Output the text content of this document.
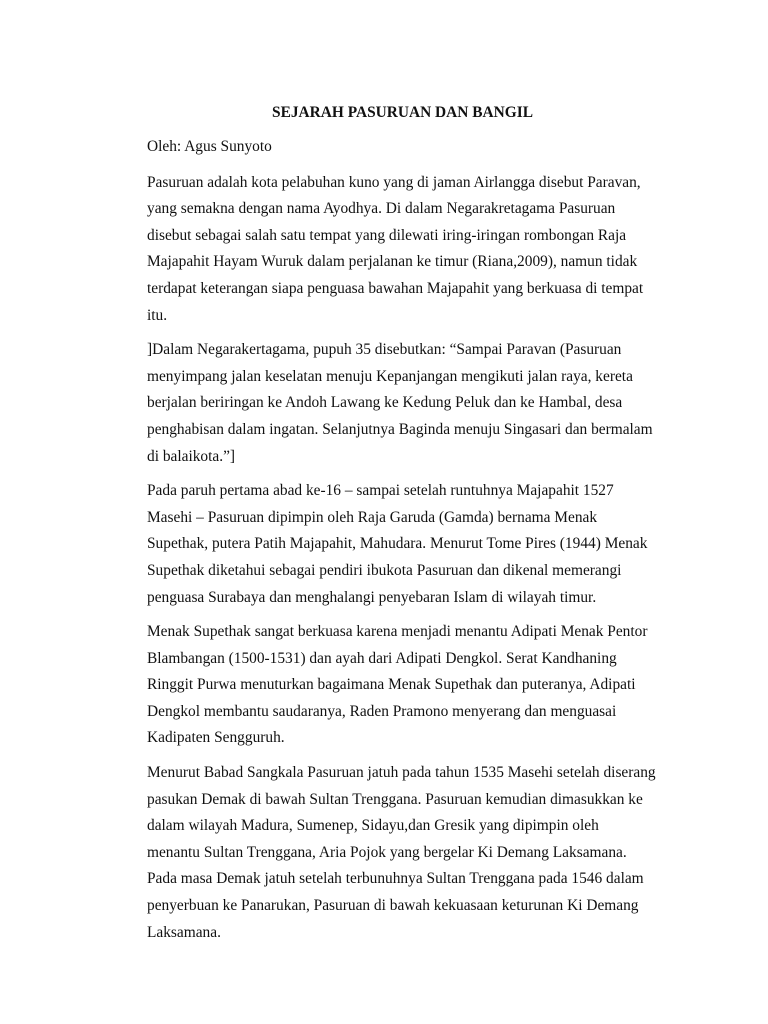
SEJARAH PASURUAN DAN BANGIL
Oleh: Agus Sunyoto
Pasuruan adalah kota pelabuhan kuno yang di jaman Airlangga disebut Paravan,
yang semakna dengan nama Ayodhya. Di dalam Negarakretagama Pasuruan
disebut sebagai salah satu tempat yang dilewati iring-iringan rombongan Raja
Majapahit Hayam Wuruk dalam perjalanan ke timur (Riana,2009), namun tidak
terdapat keterangan siapa penguasa bawahan Majapahit yang berkuasa di tempat
itu.
]Dalam Negarakertagama, pupuh 35 disebutkan: “Sampai Paravan (Pasuruan
menyimpang jalan keselatan menuju Kepanjangan mengikuti jalan raya, kereta
berjalan beriringan ke Andoh Lawang ke Kedung Peluk dan ke Hambal, desa
penghabisan dalam ingatan. Selanjutnya Baginda menuju Singasari dan bermalam
di balaikota.”]
Pada paruh pertama abad ke-16 – sampai setelah runtuhnya Majapahit 1527
Masehi – Pasuruan dipimpin oleh Raja Garuda (Gamda) bernama Menak
Supethak, putera Patih Majapahit, Mahudara. Menurut Tome Pires (1944) Menak
Supethak diketahui sebagai pendiri ibukota Pasuruan dan dikenal memerangi
penguasa Surabaya dan menghalangi penyebaran Islam di wilayah timur.
Menak Supethak sangat berkuasa karena menjadi menantu Adipati Menak Pentor
Blambangan (1500-1531) dan ayah dari Adipati Dengkol. Serat Kandhaning
Ringgit Purwa menuturkan bagaimana Menak Supethak dan puteranya, Adipati
Dengkol membantu saudaranya, Raden Pramono menyerang dan menguasai
Kadipaten Sengguruh.
Menurut Babad Sangkala Pasuruan jatuh pada tahun 1535 Masehi setelah diserang
pasukan Demak di bawah Sultan Trenggana. Pasuruan kemudian dimasukkan ke
dalam wilayah Madura, Sumenep, Sidayu,dan Gresik yang dipimpin oleh
menantu Sultan Trenggana, Aria Pojok yang bergelar Ki Demang Laksamana.
Pada masa Demak jatuh setelah terbunuhnya Sultan Trenggana pada 1546 dalam
penyerbuan ke Panarukan, Pasuruan di bawah kekuasaan keturunan Ki Demang
Laksamana.
